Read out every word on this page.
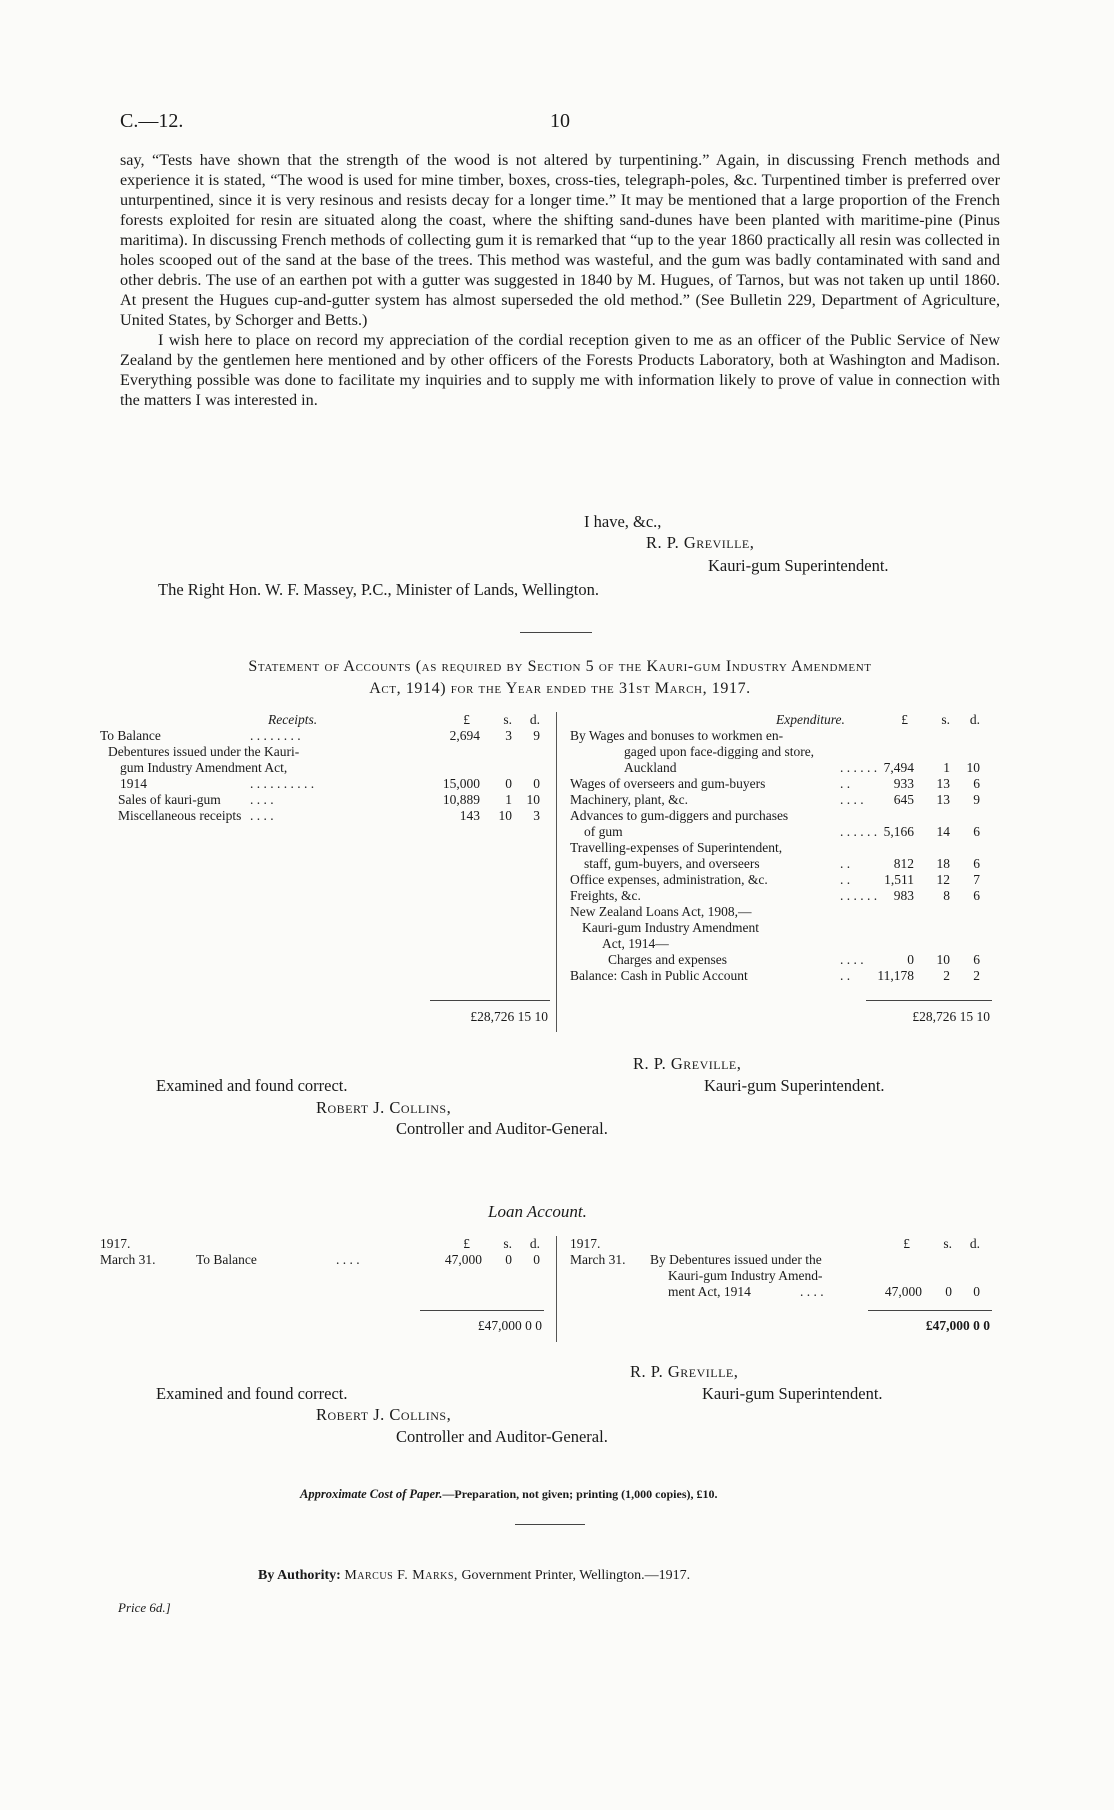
C.—12.	10

say, “Tests have shown that the strength of the wood is not altered by turpentining.” Again, in discussing French methods and experience it is stated, “The wood is used for mine timber, boxes, cross-ties, telegraph-poles, &c. Turpentined timber is preferred over unturpentined, since it is very resinous and resists decay for a longer time.” It may be mentioned that a large proportion of the French forests exploited for resin are situated along the coast, where the shifting sand-dunes have been planted with maritime-pine (Pinus maritima). In discussing French methods of collecting gum it is remarked that “up to the year 1860 practically all resin was collected in holes scooped out of the sand at the base of the trees. This method was wasteful, and the gum was badly contaminated with sand and other debris. The use of an earthen pot with a gutter was suggested in 1840 by M. Hugues, of Tarnos, but was not taken up until 1860. At present the Hugues cup-and-gutter system has almost superseded the old method.” (See Bulletin 229, Department of Agriculture, United States, by Schorger and Betts.)

I wish here to place on record my appreciation of the cordial reception given to me as an officer of the Public Service of New Zealand by the gentlemen here mentioned and by other officers of the Forests Products Laboratory, both at Washington and Madison. Everything possible was done to facilitate my inquiries and to supply me with information likely to prove of value in connection with the matters I was interested in.

I have, &c.,
R. P. Greville,
Kauri-gum Superintendent.
The Right Hon. W. F. Massey, P.C., Minister of Lands, Wellington.
Statement of Accounts (as required by Section 5 of the Kauri-gum Industry Amendment
Act, 1914) for the Year ended the 31st March, 1917.
Receipts.	£	s.	d.	Expenditure.	£	s.	d.
To Balance	. . . . . . . .	2,694	3	9
Debentures issued under the Kauri-
gum Industry Amendment Act,
1914	. . . . . . . . . .	15,000	0	0
Sales of kauri-gum . . . .	10,889	1	10
Miscellaneous receipts . . . .	143	10	3
By Wages and bonuses to workmen en-
gaged upon face-digging and store,
Auckland	. . . . . . 7,494	1	10
Wages of overseers and gum-buyers	. .	933	13	6
Machinery, plant, &c.	. . . .	645	13	9
Advances to gum-diggers and purchases
of gum	. . . . . . 5,166	14	6
Travelling-expenses of Superintendent,
staff, gum-buyers, and overseers	. .	812	18	6
Office expenses, administration, &c.	. .	1,511	12	7
Freights, &c.	. . . . . .	983	8	6
New Zealand Loans Act, 1908,—
Kauri-gum Industry Amendment
Act, 1914—
Charges and expenses	. . . .	0	10	6
Balance: Cash in Public Account	. .	11,178	2	2
£28,726 15 10	£28,726 15 10
R. P. Greville,
Kauri-gum Superintendent.
Examined and found correct.
Robert J. Collins,
Controller and Auditor-General.
Loan Account.
1917.
March 31.	To Balance	. . . .
£	s.	d.
47,000	0	0
£47,000 0 0
1917.
March 31. By Debentures issued under the
Kauri-gum Industry Amend-
ment Act, 1914	. . . .
£	s.	d.
47,000	0	0
£47,000 0 0
R. P. Greville,
Kauri-gum Superintendent.
Examined and found correct.
Robert J. Collins,
Controller and Auditor-General.
Approximate Cost of Paper.—Preparation, not given; printing (1,000 copies), £10.
By Authority: Marcus F. Marks, Government Printer, Wellington.—1917.
Price 6d.]
